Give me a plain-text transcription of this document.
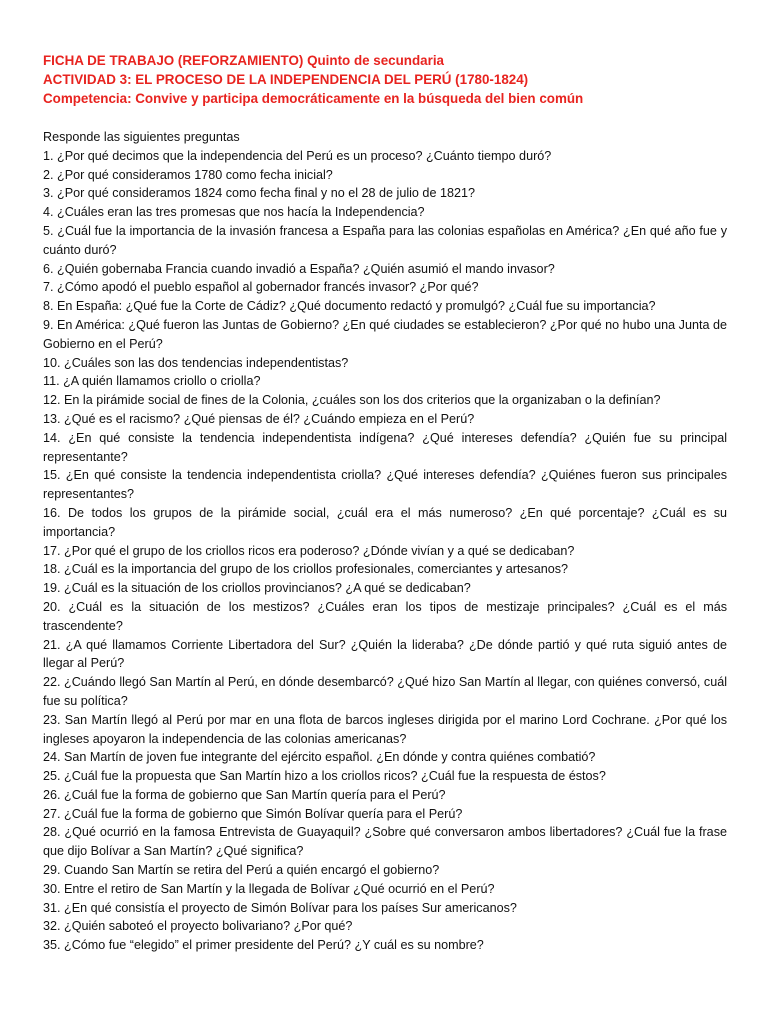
FICHA DE TRABAJO (REFORZAMIENTO) Quinto de secundaria
ACTIVIDAD 3: EL PROCESO DE LA INDEPENDENCIA DEL PERÚ (1780-1824)
Competencia: Convive y participa democráticamente en la búsqueda del bien común
Responde las siguientes preguntas
1. ¿Por qué decimos que la independencia del Perú es un proceso? ¿Cuánto tiempo duró?
2. ¿Por qué consideramos 1780 como fecha inicial?
3. ¿Por qué consideramos 1824 como fecha final y no el 28 de julio de 1821?
4. ¿Cuáles eran las tres promesas que nos hacía la Independencia?
5. ¿Cuál fue la importancia de la invasión francesa a España para las colonias españolas en América? ¿En qué año fue y cuánto duró?
6. ¿Quién gobernaba Francia cuando invadió a España? ¿Quién asumió el mando invasor?
7. ¿Cómo apodó el pueblo español al gobernador francés invasor? ¿Por qué?
8. En España: ¿Qué fue la Corte de Cádiz? ¿Qué documento redactó y promulgó? ¿Cuál fue su importancia?
9. En América: ¿Qué fueron las Juntas de Gobierno? ¿En qué ciudades se establecieron? ¿Por qué no hubo una Junta de Gobierno en el Perú?
10. ¿Cuáles son las dos tendencias independentistas?
11. ¿A quién llamamos criollo o criolla?
12. En la pirámide social de fines de la Colonia, ¿cuáles son los dos criterios que la organizaban o la definían?
13. ¿Qué es el racismo? ¿Qué piensas de él? ¿Cuándo empieza en el Perú?
14. ¿En qué consiste la tendencia independentista indígena? ¿Qué intereses defendía? ¿Quién fue su principal representante?
15. ¿En qué consiste la tendencia independentista criolla? ¿Qué intereses defendía? ¿Quiénes fueron sus principales representantes?
16. De todos los grupos de la pirámide social, ¿cuál era el más numeroso? ¿En qué porcentaje? ¿Cuál es su importancia?
17. ¿Por qué el grupo de los criollos ricos era poderoso? ¿Dónde vivían y a qué se dedicaban?
18. ¿Cuál es la importancia del grupo de los criollos profesionales, comerciantes y artesanos?
19. ¿Cuál es la situación de los criollos provincianos? ¿A qué se dedicaban?
20. ¿Cuál es la situación de los mestizos? ¿Cuáles eran los tipos de mestizaje principales? ¿Cuál es el más trascendente?
21. ¿A qué llamamos Corriente Libertadora del Sur? ¿Quién la lideraba? ¿De dónde partió y qué ruta siguió antes de llegar al Perú?
22. ¿Cuándo llegó San Martín al Perú, en dónde desembarcó? ¿Qué hizo San Martín al llegar, con quiénes conversó, cuál fue su política?
23. San Martín llegó al Perú por mar en una flota de barcos ingleses dirigida por el marino Lord Cochrane. ¿Por qué los ingleses apoyaron la independencia de las colonias americanas?
24. San Martín de joven fue integrante del ejército español. ¿En dónde y contra quiénes combatió?
25. ¿Cuál fue la propuesta que San Martín hizo a los criollos ricos? ¿Cuál fue la respuesta de éstos?
26. ¿Cuál fue la forma de gobierno que San Martín quería para el Perú?
27. ¿Cuál fue la forma de gobierno que Simón Bolívar quería para el Perú?
28. ¿Qué ocurrió en la famosa Entrevista de Guayaquil? ¿Sobre qué conversaron ambos libertadores? ¿Cuál fue la frase que dijo Bolívar a San Martín? ¿Qué significa?
29. Cuando San Martín se retira del Perú a quién encargó el gobierno?
30. Entre el retiro de San Martín y la llegada de Bolívar ¿Qué ocurrió en el Perú?
31. ¿En qué consistía el proyecto de Simón Bolívar para los países Sur americanos?
32. ¿Quién saboteó el proyecto bolivariano? ¿Por qué?
35. ¿Cómo fue “elegido” el primer presidente del Perú? ¿Y cuál es su nombre?
